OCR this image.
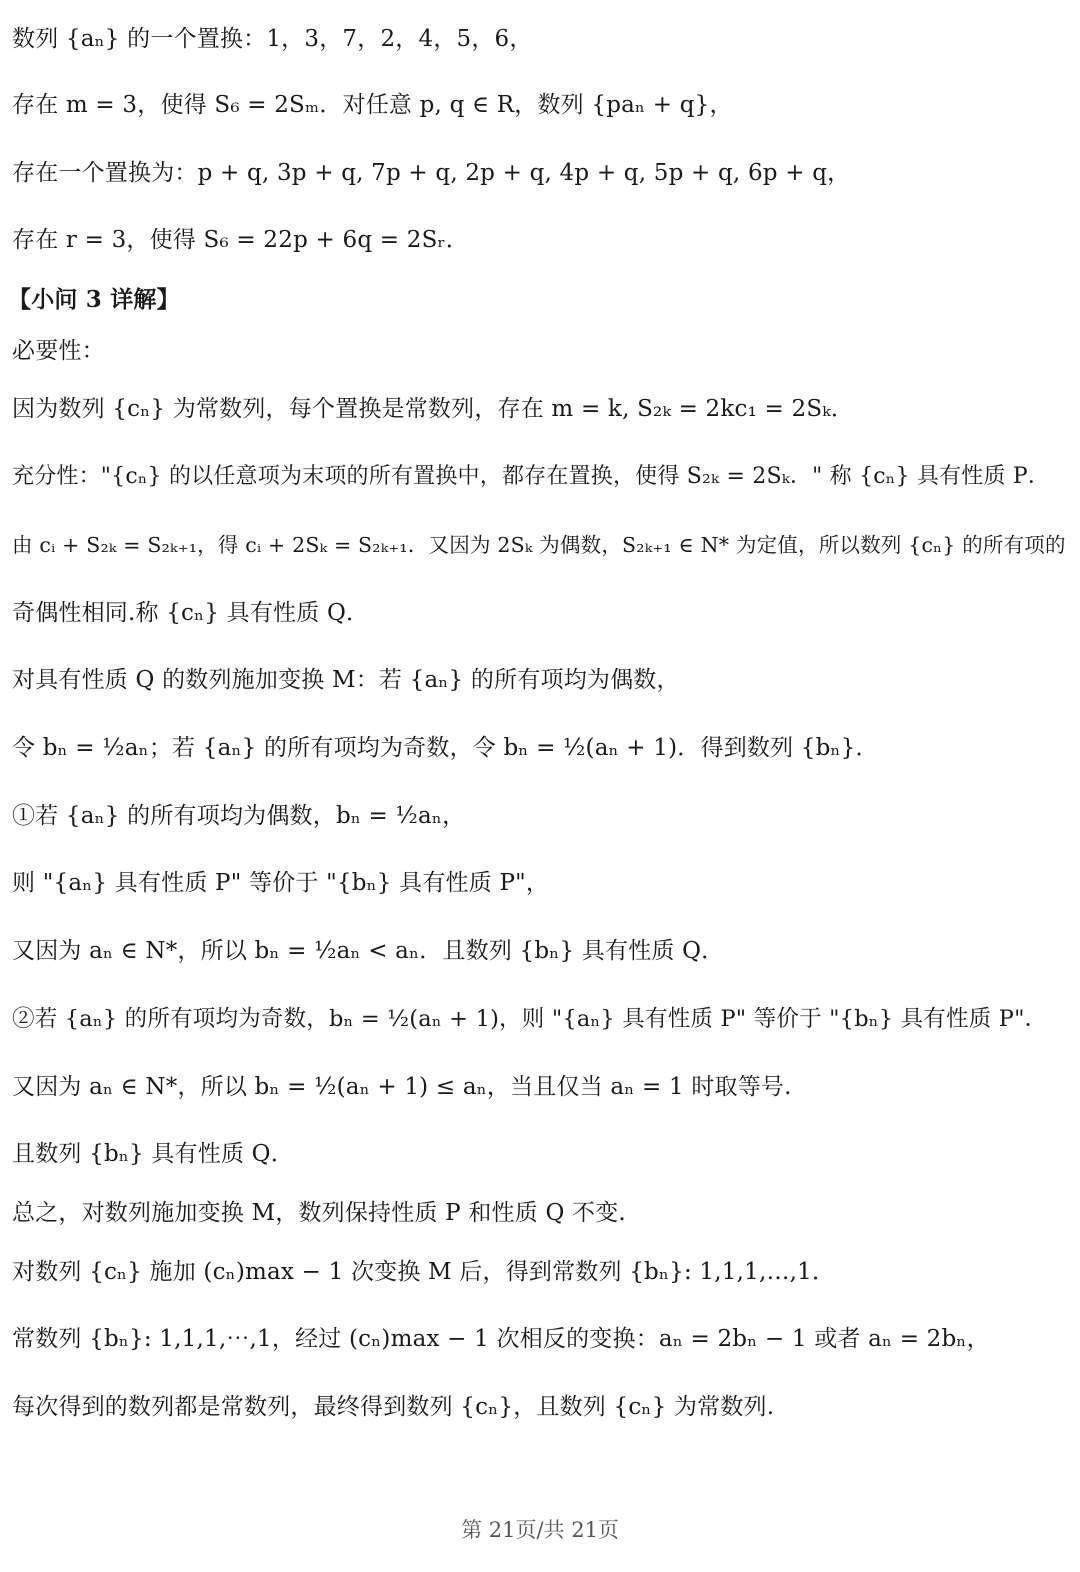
数列 {aₙ} 的一个置换：1，3，7，2，4，5，6，
存在 m = 3，使得 S₆ = 2Sₘ．对任意 p, q ∈ R，数列 {paₙ + q}，
存在一个置换为：p + q, 3p + q, 7p + q, 2p + q, 4p + q, 5p + q, 6p + q，
存在 r = 3，使得 S₆ = 22p + 6q = 2Sᵣ．
【小问 3 详解】
必要性：
因为数列 {cₙ} 为常数列，每个置换是常数列，存在 m = k, S₂ₖ = 2kc₁ = 2Sₖ．
充分性："{cₙ} 的以任意项为末项的所有置换中，都存在置换，使得 S₂ₖ = 2Sₖ．" 称 {cₙ} 具有性质 P．
由 cᵢ + S₂ₖ = S₂ₖ₊₁，得 cᵢ + 2Sₖ = S₂ₖ₊₁．又因为 2Sₖ 为偶数，S₂ₖ₊₁ ∈ N* 为定值，所以数列 {cₙ} 的所有项的
奇偶性相同.称 {cₙ} 具有性质 Q．
对具有性质 Q 的数列施加变换 M：若 {aₙ} 的所有项均为偶数，
令 bₙ = ½aₙ；若 {aₙ} 的所有项均为奇数，令 bₙ = ½(aₙ + 1)．得到数列 {bₙ}．
①若 {aₙ} 的所有项均为偶数，bₙ = ½aₙ，
则 "{aₙ} 具有性质 P" 等价于 "{bₙ} 具有性质 P"，
又因为 aₙ ∈ N*，所以 bₙ = ½aₙ < aₙ．且数列 {bₙ} 具有性质 Q．
②若 {aₙ} 的所有项均为奇数，bₙ = ½(aₙ + 1)，则 "{aₙ} 具有性质 P" 等价于 "{bₙ} 具有性质 P"．
又因为 aₙ ∈ N*，所以 bₙ = ½(aₙ + 1) ≤ aₙ，当且仅当 aₙ = 1 时取等号.
且数列 {bₙ} 具有性质 Q．
总之，对数列施加变换 M，数列保持性质 P 和性质 Q 不变.
对数列 {cₙ} 施加 (cₙ)max − 1 次变换 M 后，得到常数列 {bₙ}: 1,1,1,…,1．
常数列 {bₙ}: 1,1,1,⋯,1，经过 (cₙ)max − 1 次相反的变换：aₙ = 2bₙ − 1 或者 aₙ = 2bₙ，
每次得到的数列都是常数列，最终得到数列 {cₙ}，且数列 {cₙ} 为常数列.
第 21页/共 21页
